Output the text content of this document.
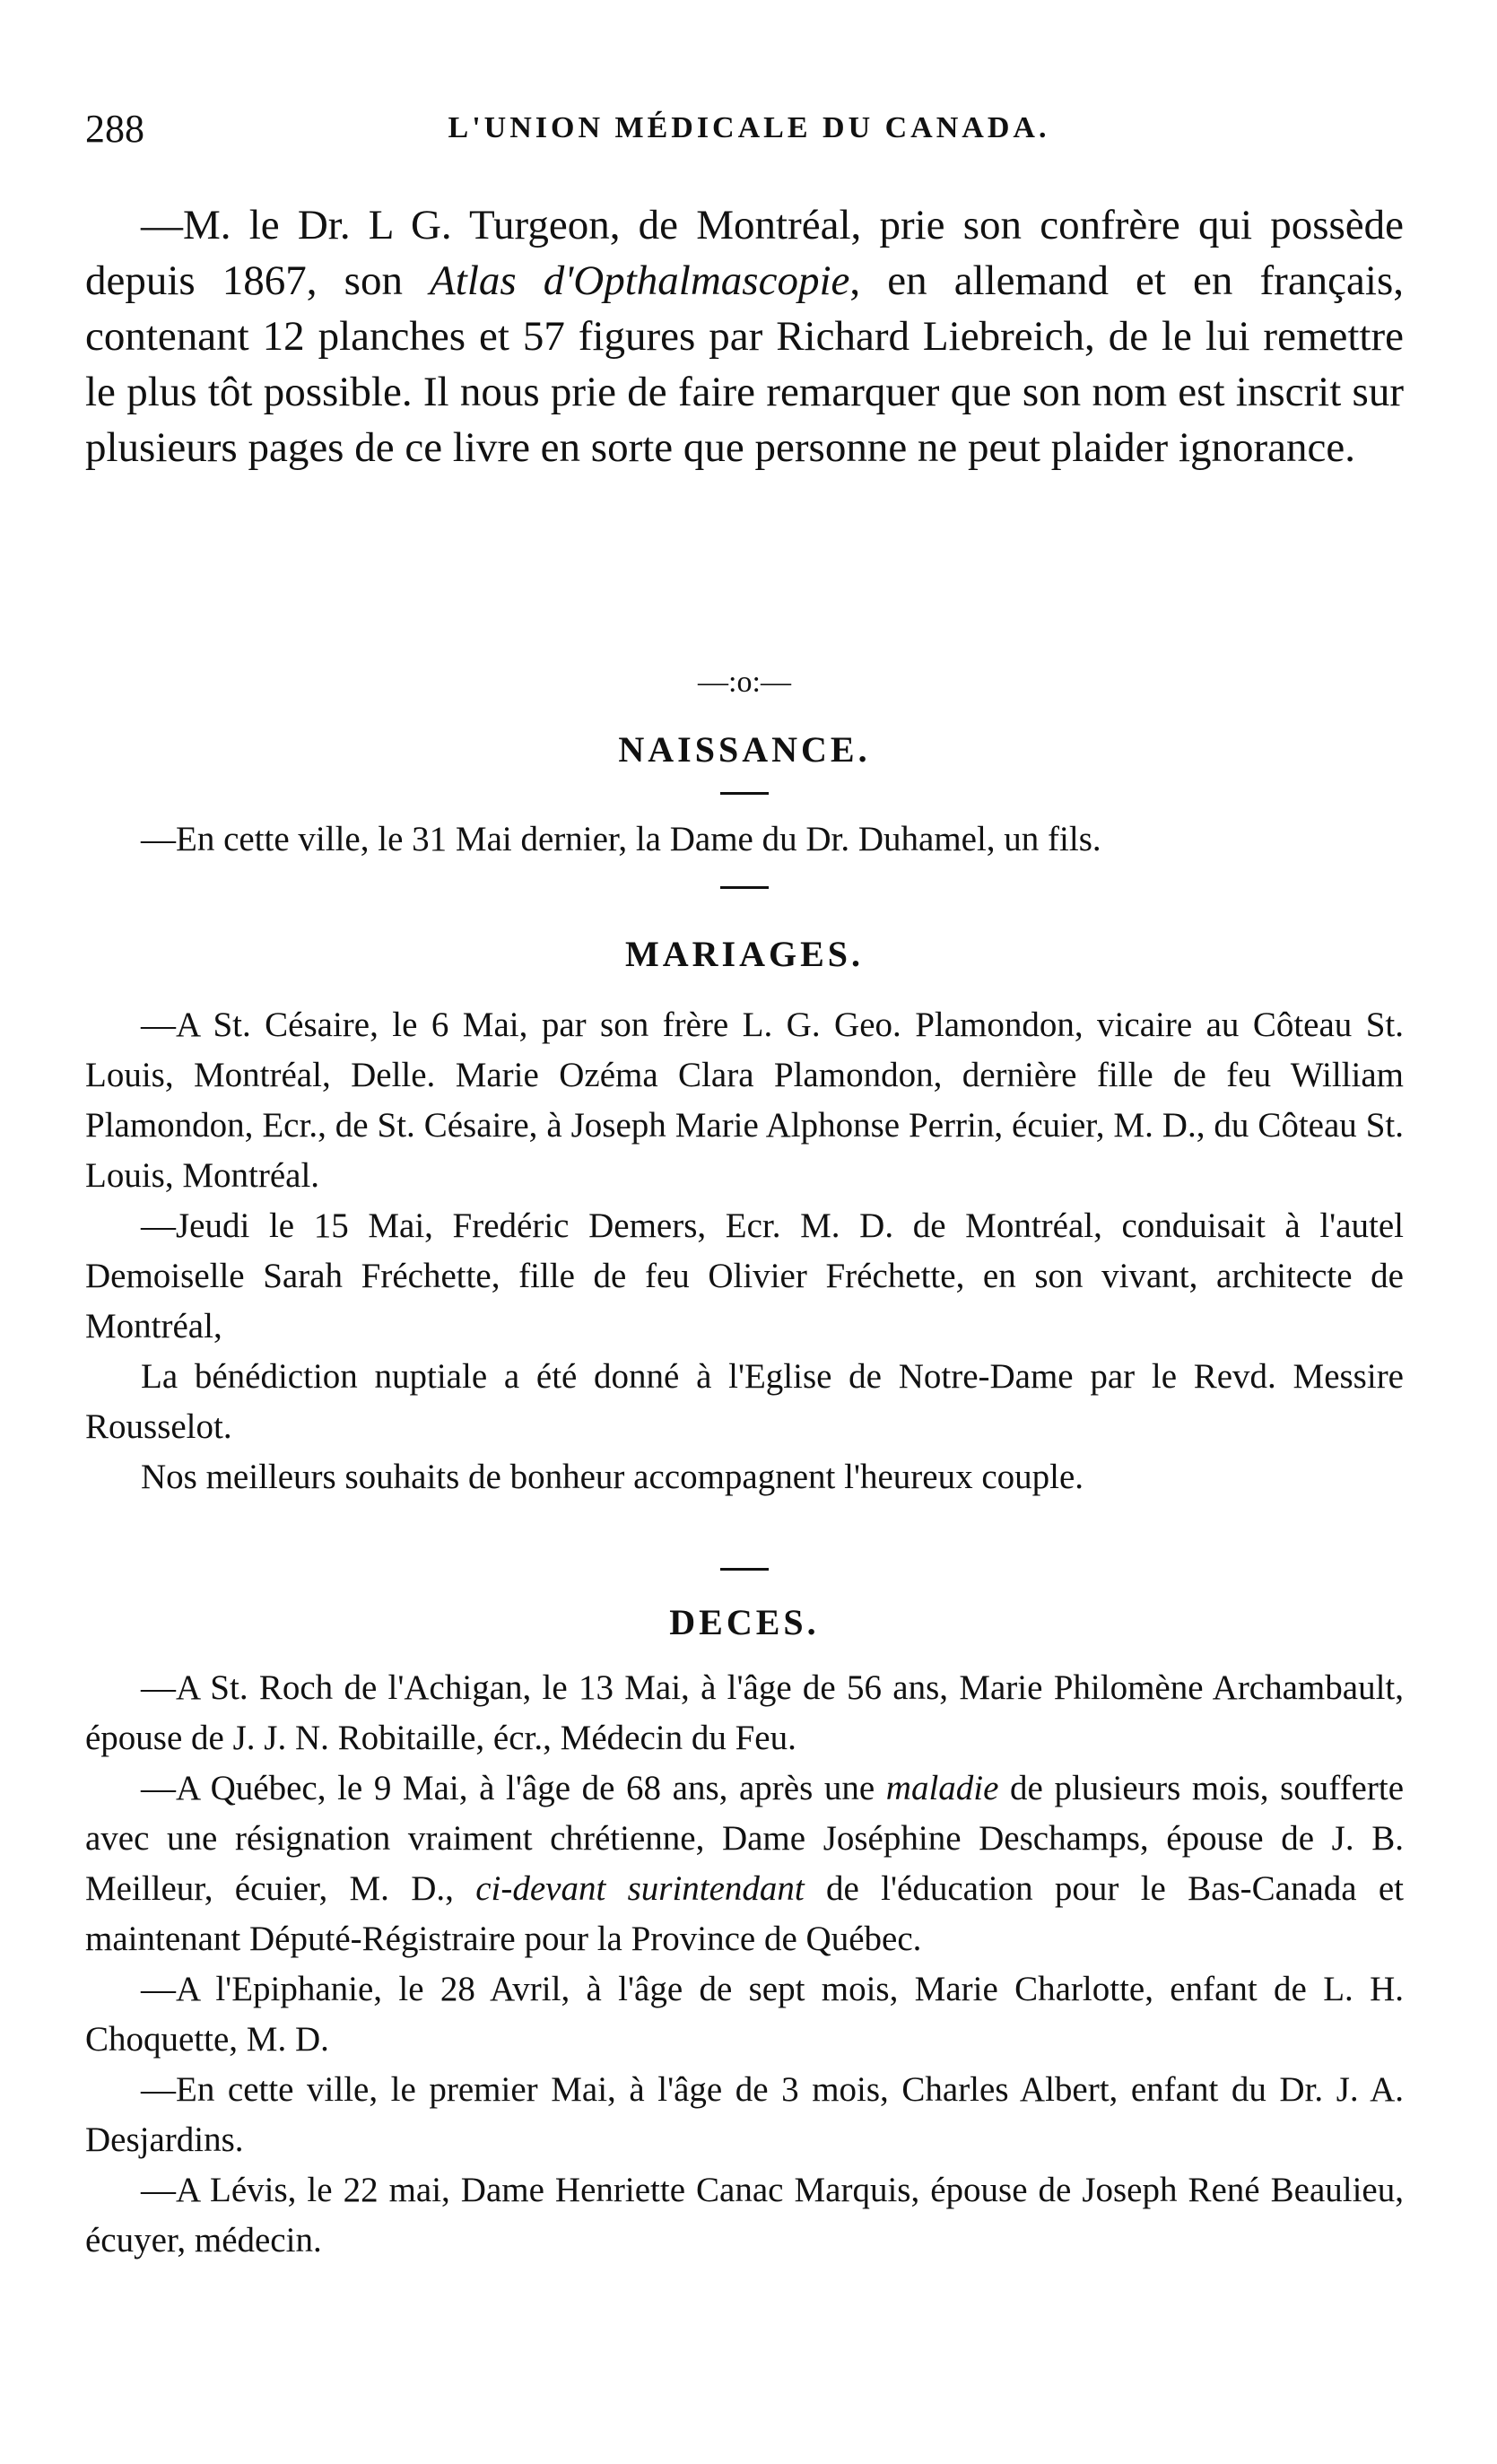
288	L'UNION MÉDICALE DU CANADA.

—M. le Dr. L G. Turgeon, de Montréal, prie son confrère qui possède depuis 1867, son Atlas d'Opthalmascopie, en allemand et en français, contenant 12 planches et 57 figures par Richard Liebreich, de le lui remettre le plus tôt possible. Il nous prie de faire remarquer que son nom est inscrit sur plusieurs pages de ce livre en sorte que personne ne peut plaider ignorance.

—:o:—

NAISSANCE.

—En cette ville, le 31 Mai dernier, la Dame du Dr. Duhamel, un fils.

MARIAGES.

—A St. Césaire, le 6 Mai, par son frère L. G. Geo. Plamondon, vicaire au Côteau St. Louis, Montréal, Delle. Marie Ozéma Clara Plamondon, dernière fille de feu William Plamondon, Ecr., de St. Césaire, à Joseph Marie Alphonse Perrin, écuier, M. D., du Côteau St. Louis, Montréal.

—Jeudi le 15 Mai, Fredéric Demers, Ecr. M. D. de Montréal, conduisait à l'autel Demoiselle Sarah Fréchette, fille de feu Olivier Fréchette, en son vivant, architecte de Montréal,

La bénédiction nuptiale a été donné à l'Eglise de Notre-Dame par le Revd. Messire Rousselot.

Nos meilleurs souhaits de bonheur accompagnent l'heureux couple.

DECES.

—A St. Roch de l'Achigan, le 13 Mai, à l'âge de 56 ans, Marie Philomène Archambault, épouse de J. J. N. Robitaille, écr., Médecin du Feu.

—A Québec, le 9 Mai, à l'âge de 68 ans, après une maladie de plusieurs mois, soufferte avec une résignation vraiment chrétienne, Dame Joséphine Deschamps, épouse de J. B. Meilleur, écuier, M. D., ci-devant surintendant de l'éducation pour le Bas-Canada et maintenant Député-Régistraire pour la Province de Québec.

—A l'Epiphanie, le 28 Avril, à l'âge de sept mois, Marie Charlotte, enfant de L. H. Choquette, M. D.

—En cette ville, le premier Mai, à l'âge de 3 mois, Charles Albert, enfant du Dr. J. A. Desjardins.

—A Lévis, le 22 mai, Dame Henriette Canac Marquis, épouse de Joseph René Beaulieu, écuyer, médecin.
